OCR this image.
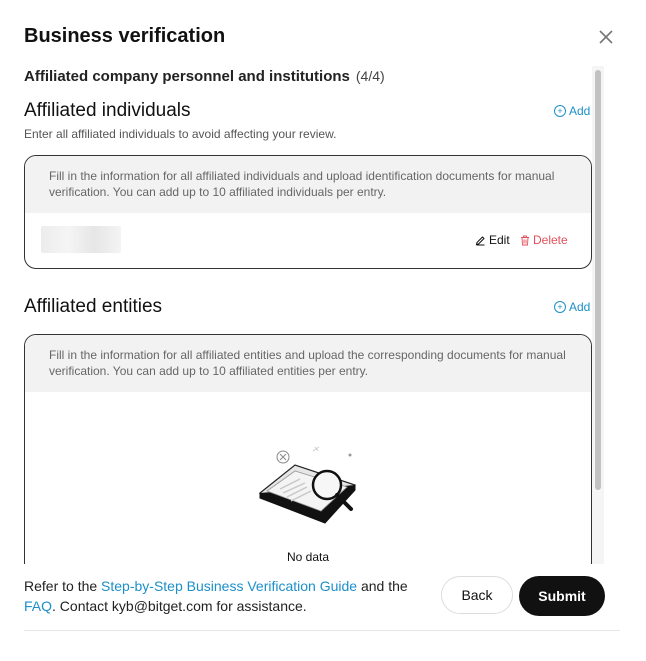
Business verification
Affiliated company personnel and institutions (4/4)
Affiliated individuals	+ Add
Enter all affiliated individuals to avoid affecting your review.
Fill in the information for all affiliated individuals and upload identification documents for manual verification. You can add up to 10 affiliated individuals per entry.
Edit Delete
Affiliated entities	+ Add
Fill in the information for all affiliated entities and upload the corresponding documents for manual verification. You can add up to 10 affiliated entities per entry.
No data
Refer to the Step-by-Step Business Verification Guide and the FAQ. Contact kyb@bitget.com for assistance.
Back	Submit
